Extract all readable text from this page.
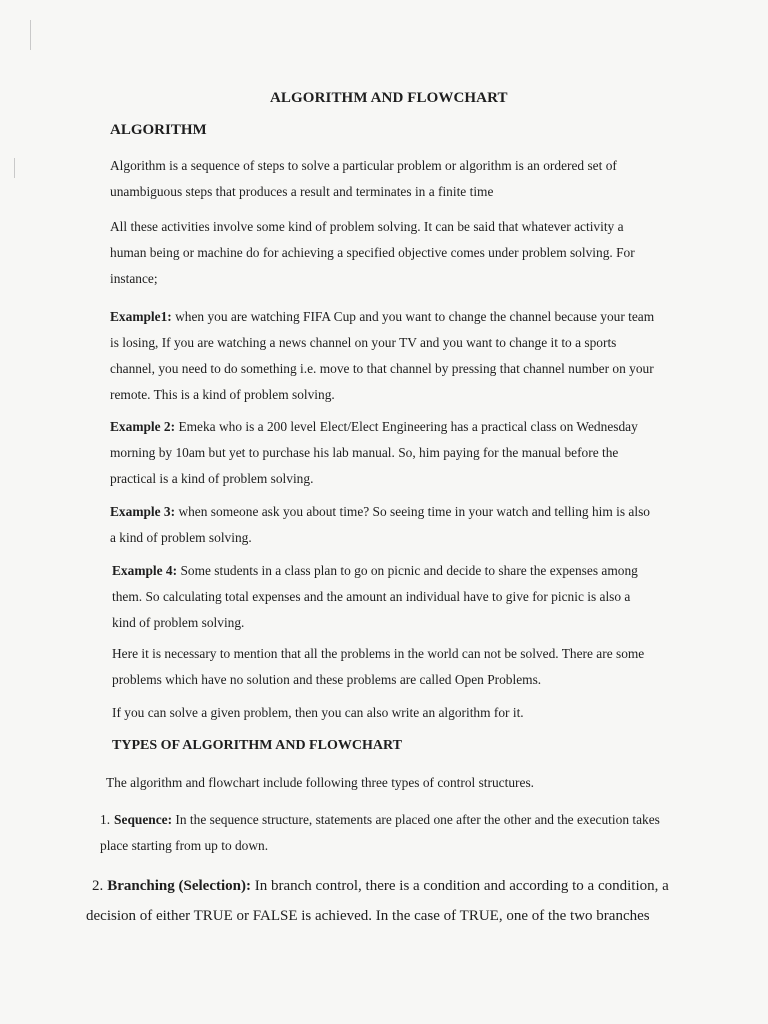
ALGORITHM AND FLOWCHART
ALGORITHM

Algorithm is a sequence of steps to solve a particular problem or algorithm is an ordered set of unambiguous steps that produces a result and terminates in a finite time

All these activities involve some kind of problem solving. It can be said that whatever activity a human being or machine do for achieving a specified objective comes under problem solving. For instance;

Example1: when you are watching FIFA Cup and you want to change the channel because your team is losing, If you are watching a news channel on your TV and you want to change it to a sports channel, you need to do something i.e. move to that channel by pressing that channel number on your remote. This is a kind of problem solving.

Example 2: Emeka who is a 200 level Elect/Elect Engineering has a practical class on Wednesday morning by 10am but yet to purchase his lab manual. So, him paying for the manual before the practical is a kind of problem solving.

Example 3: when someone ask you about time? So seeing time in your watch and telling him is also a kind of problem solving.

Example 4: Some students in a class plan to go on picnic and decide to share the expenses among them. So calculating total expenses and the amount an individual have to give for picnic is also a kind of problem solving.

Here it is necessary to mention that all the problems in the world can not be solved. There are some problems which have no solution and these problems are called Open Problems.

If you can solve a given problem, then you can also write an algorithm for it.

TYPES OF ALGORITHM AND FLOWCHART

The algorithm and flowchart include following three types of control structures.

1. Sequence: In the sequence structure, statements are placed one after the other and the execution takes place starting from up to down.

2. Branching (Selection): In branch control, there is a condition and according to a condition, a decision of either TRUE or FALSE is achieved. In the case of TRUE, one of the two branches
